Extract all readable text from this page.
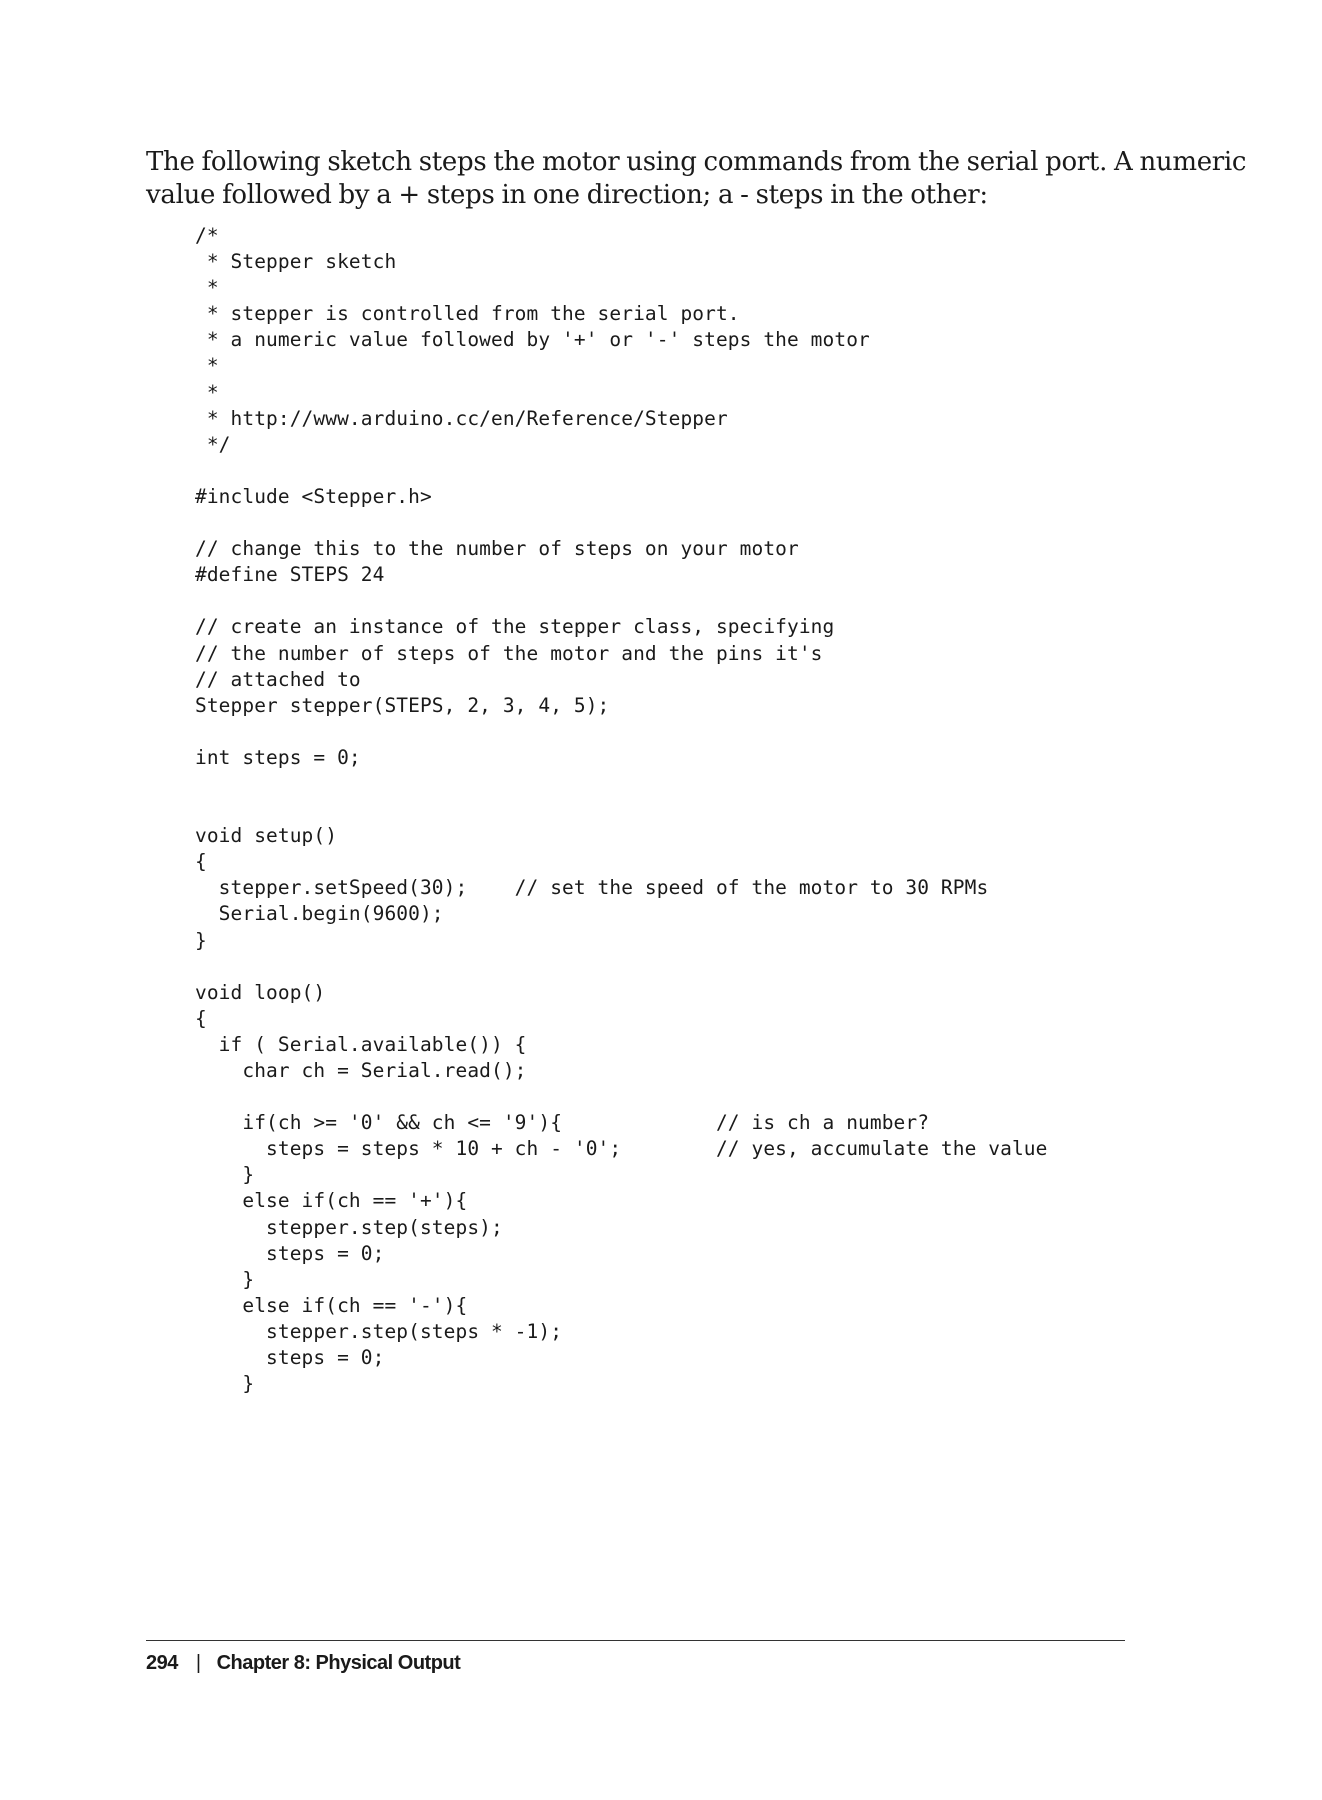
The following sketch steps the motor using commands from the serial port. A numeric
value followed by a + steps in one direction; a - steps in the other:

/*
* Stepper sketch
*
* stepper is controlled from the serial port.
* a numeric value followed by '+' or '-' steps the motor
*
*
* http://www.arduino.cc/en/Reference/Stepper
*/
#include <Stepper.h>
// change this to the number of steps on your motor
#define STEPS 24
// create an instance of the stepper class, specifying
// the number of steps of the motor and the pins it's
// attached to
Stepper stepper(STEPS, 2, 3, 4, 5);
int steps = 0;
void setup()
{
stepper.setSpeed(30);    // set the speed of the motor to 30 RPMs
Serial.begin(9600);
}
void loop()
{
if ( Serial.available()) {
char ch = Serial.read();
if(ch >= '0' && ch <= '9'){             // is ch a number?
steps = steps * 10 + ch - '0';        // yes, accumulate the value
}
else if(ch == '+'){
stepper.step(steps);
steps = 0;
}
else if(ch == '-'){
stepper.step(steps * -1);
steps = 0;
}
294 | Chapter 8: Physical Output
